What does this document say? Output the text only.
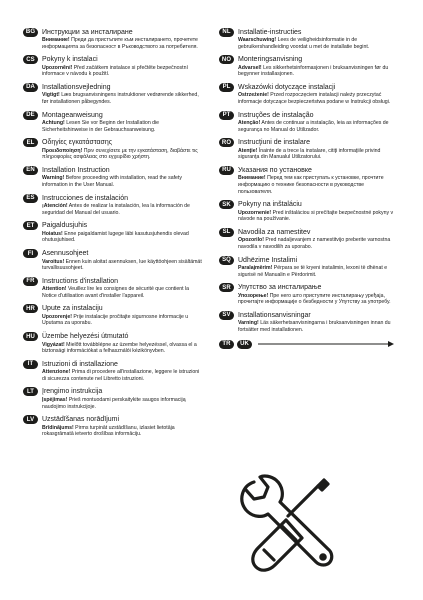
BG Инструкции за инсталиране
Внимание! Преди да пристъпите към инсталирането, прочетете информацията за безопасност в Ръководството за потребителя.
CS	Pokyny k instalaci
Upozornění! Před začátkem instalace si přečtěte bezpečnostní informace v návodu k použití.
DA	Installationsvejledning
Vigtigt! Læs brugsanvisningens instruktioner vedrørende sikkerhed, før installationen påbegyndes.
DE	Montageanweisung
Achtung! Lesen Sie vor Beginn der Installation die Sicherheitshinweise in der Gebrauchsanweisung.
EL	Οδηγίες εγκατάστασης
Προειδοποίηση! Πριν συνεχίσετε με την εγκατάσταση, διαβάστε τις πληροφορίες ασφάλειας στο εγχειρίδιο χρήστη.
EN	Installation Instruction
Warning! Before proceeding with installation, read the safety information in the User Manual.
ES	Instrucciones de instalación
¡Atención! Antes de realizar la instalación, lea la información de seguridad del Manual del usuario.
ET	Paigaldusjuhis
Hoiatus! Enne paigaldamist lugege läbi kasutusjuhendis olevad ohutusjuhised.
FI	Asennusohjeet
Varoitus! Ennen kuin aloitat asennuksen, lue käyttöohjeen sisältämät turvallisuusohjeet.
FR	Instructions d'installation
Attention! Veuillez lire les consignes de sécurité que contient la Notice d'utilisation avant d'installer l'appareil.
HR	Upute za instalaciju
Upozorenje! Prije instalacije pročitajte sigurnosne informacije u Uputama za uporabu.
HU	Üzembe helyezési útmutató
Vigyázat! Mielőtt továbblépne az üzembe helyezéssel, olvassa el a biztonsági információkat a felhasználói kézikönyvben.
IT	Istruzioni di installazione
Attenzione! Prima di procedere all'installazione, leggere le istruzioni di sicurezza contenute nel Libretto istruzioni.
LT	Įrengimo instrukcija
Įspėjimas! Prieš montuodami perskaitykite saugos informaciją naudojimo instrukcijoje.
LV	Uzstādīšanas norādījumi
Brīdinājums! Pirms turpināt uzstādīšanu, izlasiet lietotāja rokasgrāmatā ietverto drošības informāciju.
NL	Installatie-instructies
Waarschuwing! Lees de veiligheidsinformatie in de gebruikershandleiding voordat u met de installatie begint.
NO Monteringsanvisning
Advarsel! Les sikkerhetsinformasjonen i bruksanvisningen før du begynner installasjonen.
PL	Wskazówki dotyczące instalacji
Ostrzeżenie! Przed rozpoczęciem instalacji należy przeczytać informacje dotyczące bezpieczeństwa podane w Instrukcji obsługi.
PT	Instruções de instalação
Atenção! Antes de continuar a instalação, leia as informações de segurança no Manual do Utilizador.
RO Instrucţiuni de instalare
Atenţie! Înainte de a trece la instalare, citiţi informaţiile privind siguranţa din Manualul Utilizatorului.
RU	Указания по установке
Внимание! Перед тем как приступать к установке, прочтите информацию о технике безопасности в руководстве пользователя.
SK	Pokyny na inštaláciu
Upozornenie! Pred inštaláciou si prečítajte bezpečnostné pokyny v návode na používanie.
SL	Navodila za namestitev
Opozorilo! Pred nadaljevanjem z namestitvijo preberite varnostna navodila v navodilih za uporabo.
SQ	Udhëzime Instalimi
Paralajmërim! Përpara se të kryeni instalimin, lexoni të dhënat e sigurisë në Manualin e Përdorimit.
SR	Упутство за инсталирање
Упозорење! Пре него што приступите инсталирању уређаја, прочитајте информације о безбедности у Упутству за употребу.
SV	Installationsanvisningar
Varning! Läs säkerhetsanvisningarna i bruksanvisningen innan du fortsätter med installationen.
TR	UK
